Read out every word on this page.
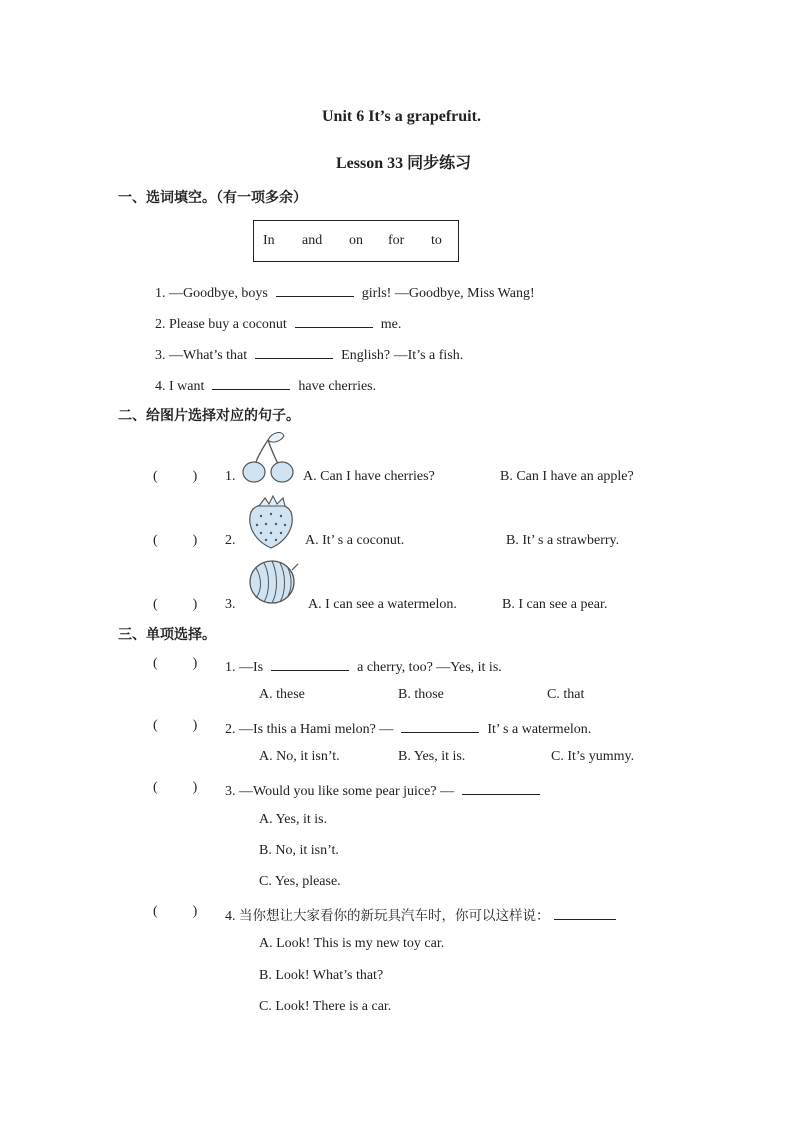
Unit 6 It’s a grapefruit.
Lesson 33 同步练习
一、选词填空。（有一项多余）
In and on for to
1. —Goodbye, boys	girls! —Goodbye, Miss Wang!
2. Please buy a coconut	me.
3. —What’s that	English? —It’s a fish.
4. I want	have cherries.
二、给图片选择对应的句子。
(          ) 1.	A. Can I have cherries?	B. Can I have an apple?
(          ) 2.	A. It’ s a coconut.	B. It’ s a strawberry.
(          ) 3.	A. I can see a watermelon.	B. I can see a pear.
三、单项选择。
(          ) 1. —Is	a cherry, too? —Yes, it is.
A. these	B. those	C. that
(          ) 2. —Is this a Hami melon? —	It’ s a watermelon.
A. No, it isn’t.	B. Yes, it is.	C. It’s yummy.
(          ) 3. —Would you like some pear juice? —
A. Yes, it is.
B. No, it isn’t.
C. Yes, please.
(          ) 4. 当你想让大家看你的新玩具汽车时，你可以这样说：
A. Look! This is my new toy car.
B. Look! What’s that?
C. Look! There is a car.
